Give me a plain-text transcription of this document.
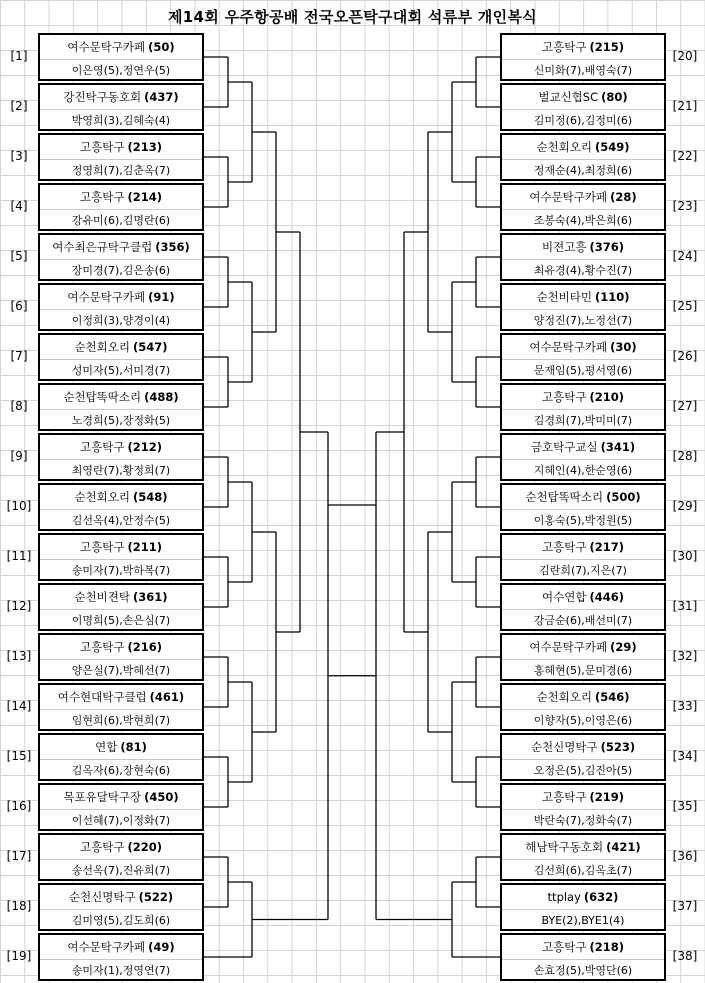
제14회 우주항공배 전국오픈탁구대회 석류부 개인복식
여수문탁구카페 (50)
이은영(5),정연우(5)
[1]
강진탁구동호회 (437)
박영희(3),김혜숙(4)
[2]
고흥탁구 (213)
정영희(7),김춘옥(7)
[3]
고흥탁구 (214)
강유미(6),김명란(6)
[4]
여수최은규탁구클럽 (356)
장미경(7),김은송(6)
[5]
여수문탁구카페 (91)
이정희(3),양경이(4)
[6]
순천회오리 (547)
성미자(5),서미경(7)
[7]
순천탑똑딱소리 (488)
노경희(5),장정화(5)
[8]
고흥탁구 (212)
최영란(7),황정희(7)
[9]
순천회오리 (548)
김선옥(4),안정수(5)
[10]
고흥탁구 (211)
송미자(7),박하복(7)
[11]
순천비젼탁 (361)
이명희(5),손은심(7)
[12]
고흥탁구 (216)
양은실(7),박혜선(7)
[13]
여수현대탁구클럽 (461)
임현희(6),박현희(7)
[14]
연합 (81)
김옥자(6),장현숙(6)
[15]
목포유달탁구장 (450)
이선혜(7),이정화(7)
[16]
고흥탁구 (220)
송선옥(7),진유희(7)
[17]
순천신명탁구 (522)
김미영(5),김도희(6)
[18]
여수문탁구카페 (49)
송미자(1),정영연(7)
[19]
고흥탁구 (215)
신미화(7),배영숙(7)
[20]
벌교신협SC (80)
김미정(6),김정미(6)
[21]
순천회오리 (549)
정재순(4),최정희(6)
[22]
여수문탁구카페 (28)
조봉숙(4),박은희(6)
[23]
비젼고흥 (376)
최유경(4),황수진(7)
[24]
순천비타민 (110)
양정진(7),노정선(7)
[25]
여수문탁구카페 (30)
문재임(5),평서영(6)
[26]
고흥탁구 (210)
김경희(7),박미미(7)
[27]
금호탁구교실 (341)
지혜인(4),한순영(6)
[28]
순천탑똑딱소리 (500)
이홍숙(5),박정원(5)
[29]
고흥탁구 (217)
김란희(7),지은(7)
[30]
여수연합 (446)
강금순(6),배선미(7)
[31]
여수문탁구카페 (29)
홍혜현(5),문미경(6)
[32]
순천회오리 (546)
이향자(5),이영은(6)
[33]
순천신명탁구 (523)
오정은(5),김진아(5)
[34]
고흥탁구 (219)
박란숙(7),정화숙(7)
[35]
해남탁구동호회 (421)
김선희(6),김옥초(7)
[36]
ttplay (632)
BYE(2),BYE1(4)
[37]
고흥탁구 (218)
손효정(5),박영단(6)
[38]
